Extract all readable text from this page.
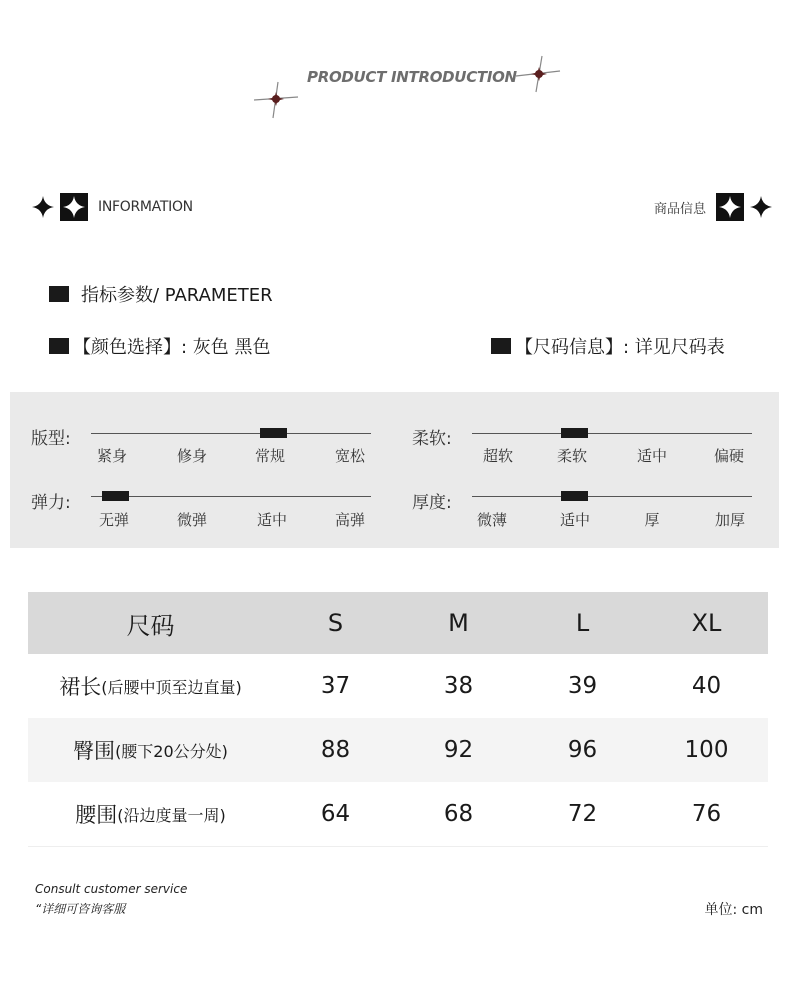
PRODUCT INTRODUCTION
INFORMATION	商品信息
指标参数/ PARAMETER
【颜色选择】: 灰色 黑色	【尺码信息】: 详见尺码表
版型:
紧身	修身	常规	宽松
柔软:
超软	柔软	适中	偏硬
弹力:
无弹	微弹	适中	高弹
厚度:
微薄	适中	厚	加厚
尺码	S	M	L	XL
裙长 (后腰中顶至边直量)	37	38	39	40
臀围 (腰下20公分处)	88	92	96	100
腰围 (沿边度量一周)	64	68	72	76
Consult customer service
“详细可咨询客服	单位: cm
